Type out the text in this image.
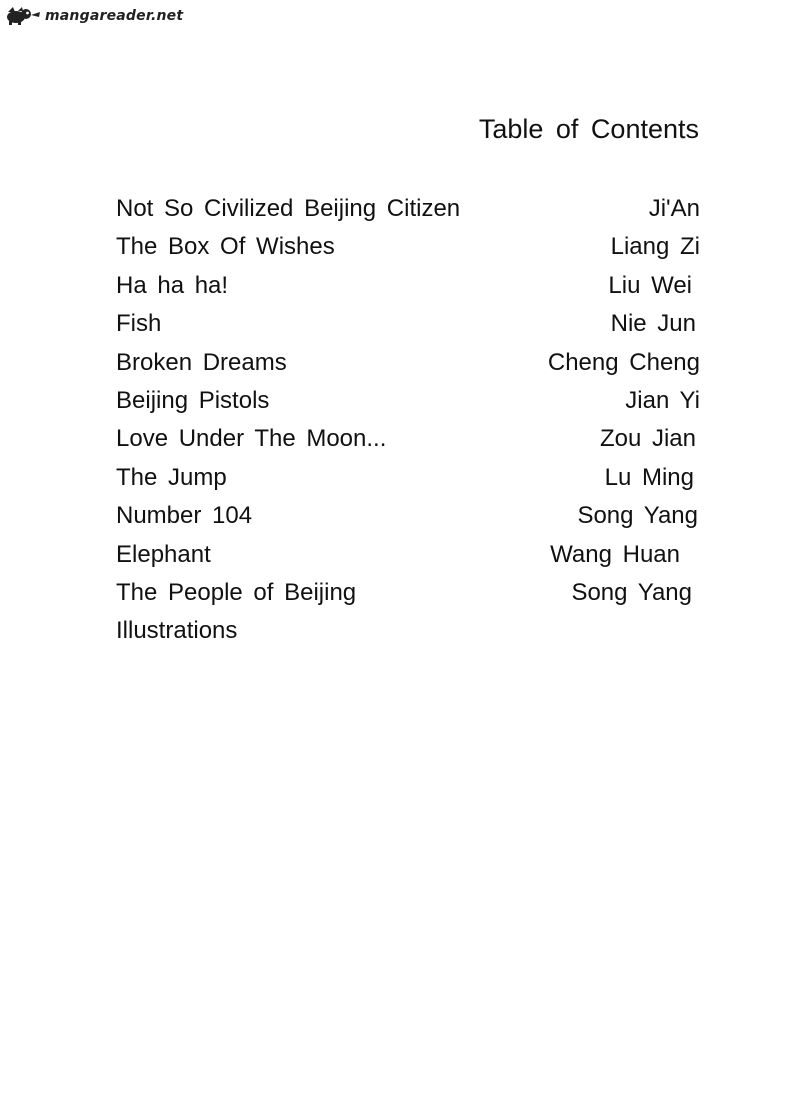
mangareader.net
Table of Contents
Not So Civilized Beijing Citizen	Ji'An
The Box Of Wishes	Liang Zi
Ha ha ha!	Liu Wei
Fish	Nie Jun
Broken Dreams	Cheng Cheng
Beijing Pistols	Jian Yi
Love Under The Moon...	Zou Jian
The Jump	Lu Ming
Number 104	Song Yang
Elephant	Wang Huan
The People of Beijing	Song Yang
Illustrations
